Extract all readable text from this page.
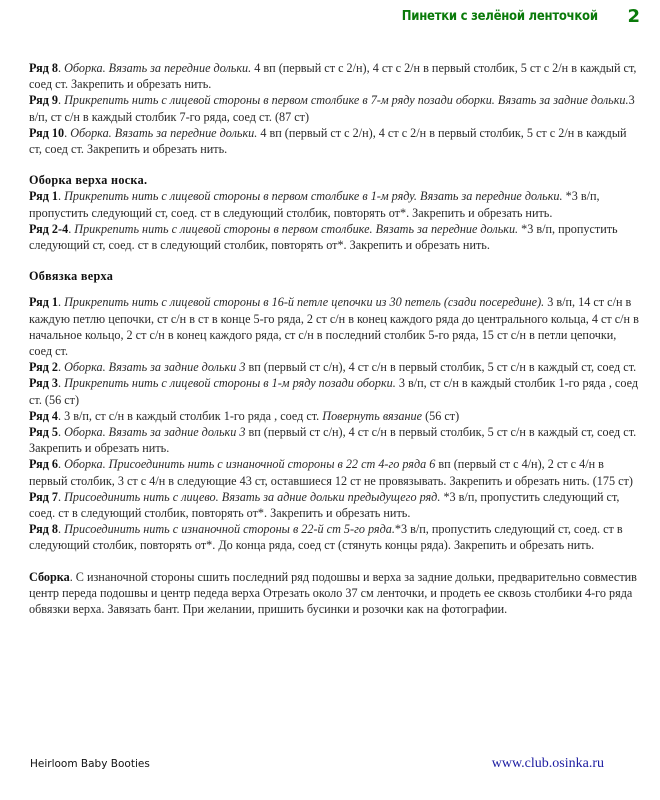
Пинетки с зелёной ленточкой 2

Ряд 8. Оборка. Вязать за передние дольки. 4 вп (первый ст с 2/н), 4 ст с 2/н в первый столбик, 5 ст с 2/н в каждый ст, соед ст. Закрепить и обрезать нить.

Ряд 9. Прикрепить нить с лицевой стороны в первом столбике в 7-м ряду позади оборки. Вязать за задние дольки.3 в/п, ст с/н в каждый столбик 7-го ряда, соед ст. (87 ст)

Ряд 10. Оборка. Вязать за передние дольки. 4 вп (первый ст с 2/н), 4 ст с 2/н в первый столбик, 5 ст с 2/н в каждый ст, соед ст. Закрепить и обрезать нить.

Оборка верха носка.

Ряд 1. Прикрепить нить с лицевой стороны в первом столбике в 1-м ряду. Вязать за передние дольки. *3 в/п, пропустить следующий ст, соед. ст в следующий столбик, повторять от*. Закрепить и обрезать нить.

Ряд 2-4. Прикрепить нить с лицевой стороны в первом столбике. Вязать за передние дольки. *3 в/п, пропустить следующий ст, соед. ст в следующий столбик, повторять от*. Закрепить и обрезать нить.

Обвязка верха

Ряд 1. Прикрепить нить с лицевой стороны в 16-й петле цепочки из 30 петель (сзади посередине). 3 в/п, 14 ст с/н в каждую петлю цепочки, ст с/н в ст в конце 5-го ряда, 2 ст с/н в конец каждого ряда до центрального кольца, 4 ст с/н в начальное кольцо, 2 ст с/н в конец каждого ряда, ст с/н в последний столбик 5-го ряда, 15 ст с/н в петли цепочки, соед ст.

Ряд 2. Оборка. Вязать за задние дольки 3 вп (первый ст с/н), 4 ст с/н в первый столбик, 5 ст с/н в каждый ст, соед ст.

Ряд 3. Прикрепить нить с лицевой стороны в 1-м ряду позади оборки. 3 в/п, ст с/н в каждый столбик 1-го ряда , соед ст. (56 ст)

Ряд 4. 3 в/п, ст с/н в каждый столбик 1-го ряда , соед ст. Повернуть вязание (56 ст)

Ряд 5. Оборка. Вязать за задние дольки 3 вп (первый ст с/н), 4 ст с/н в первый столбик, 5 ст с/н в каждый ст, соед ст. Закрепить и обрезать нить.

Ряд 6. Оборка. Присоединить нить с изнаночной стороны в 22 ст 4-го ряда 6 вп (первый ст с 4/н), 2 ст с 4/н в первый столбик, 3 ст с 4/н в следующие 43 ст, оставшиеся 12 ст не провязывать. Закрепить и обрезать нить. (175 ст)

Ряд 7. Присоединить нить с лицево. Вязать за адние дольки предыдущего ряд. *3 в/п, пропустить следующий ст, соед. ст в следующий столбик, повторять от*. Закрепить и обрезать нить.

Ряд 8. Присоединить нить с изнаночной стороны в 22-й ст 5-го ряда.*3 в/п, пропустить следующий ст, соед. ст в следующий столбик, повторять от*. До конца ряда, соед ст (стянуть концы ряда). Закрепить и обрезать нить.

Сборка. С изнаночной стороны сшить последний ряд подошвы и верха за задние дольки, предварительно совместив центр переда подошвы и центр педеда верха Отрезать около 37 см ленточки, и продеть ее сквозь столбики 4-го ряда обвязки верха. Завязать бант. При желании, пришить бусинки и розочки как на фотографии.

Heirloom Baby Booties	www.club.osinka.ru
